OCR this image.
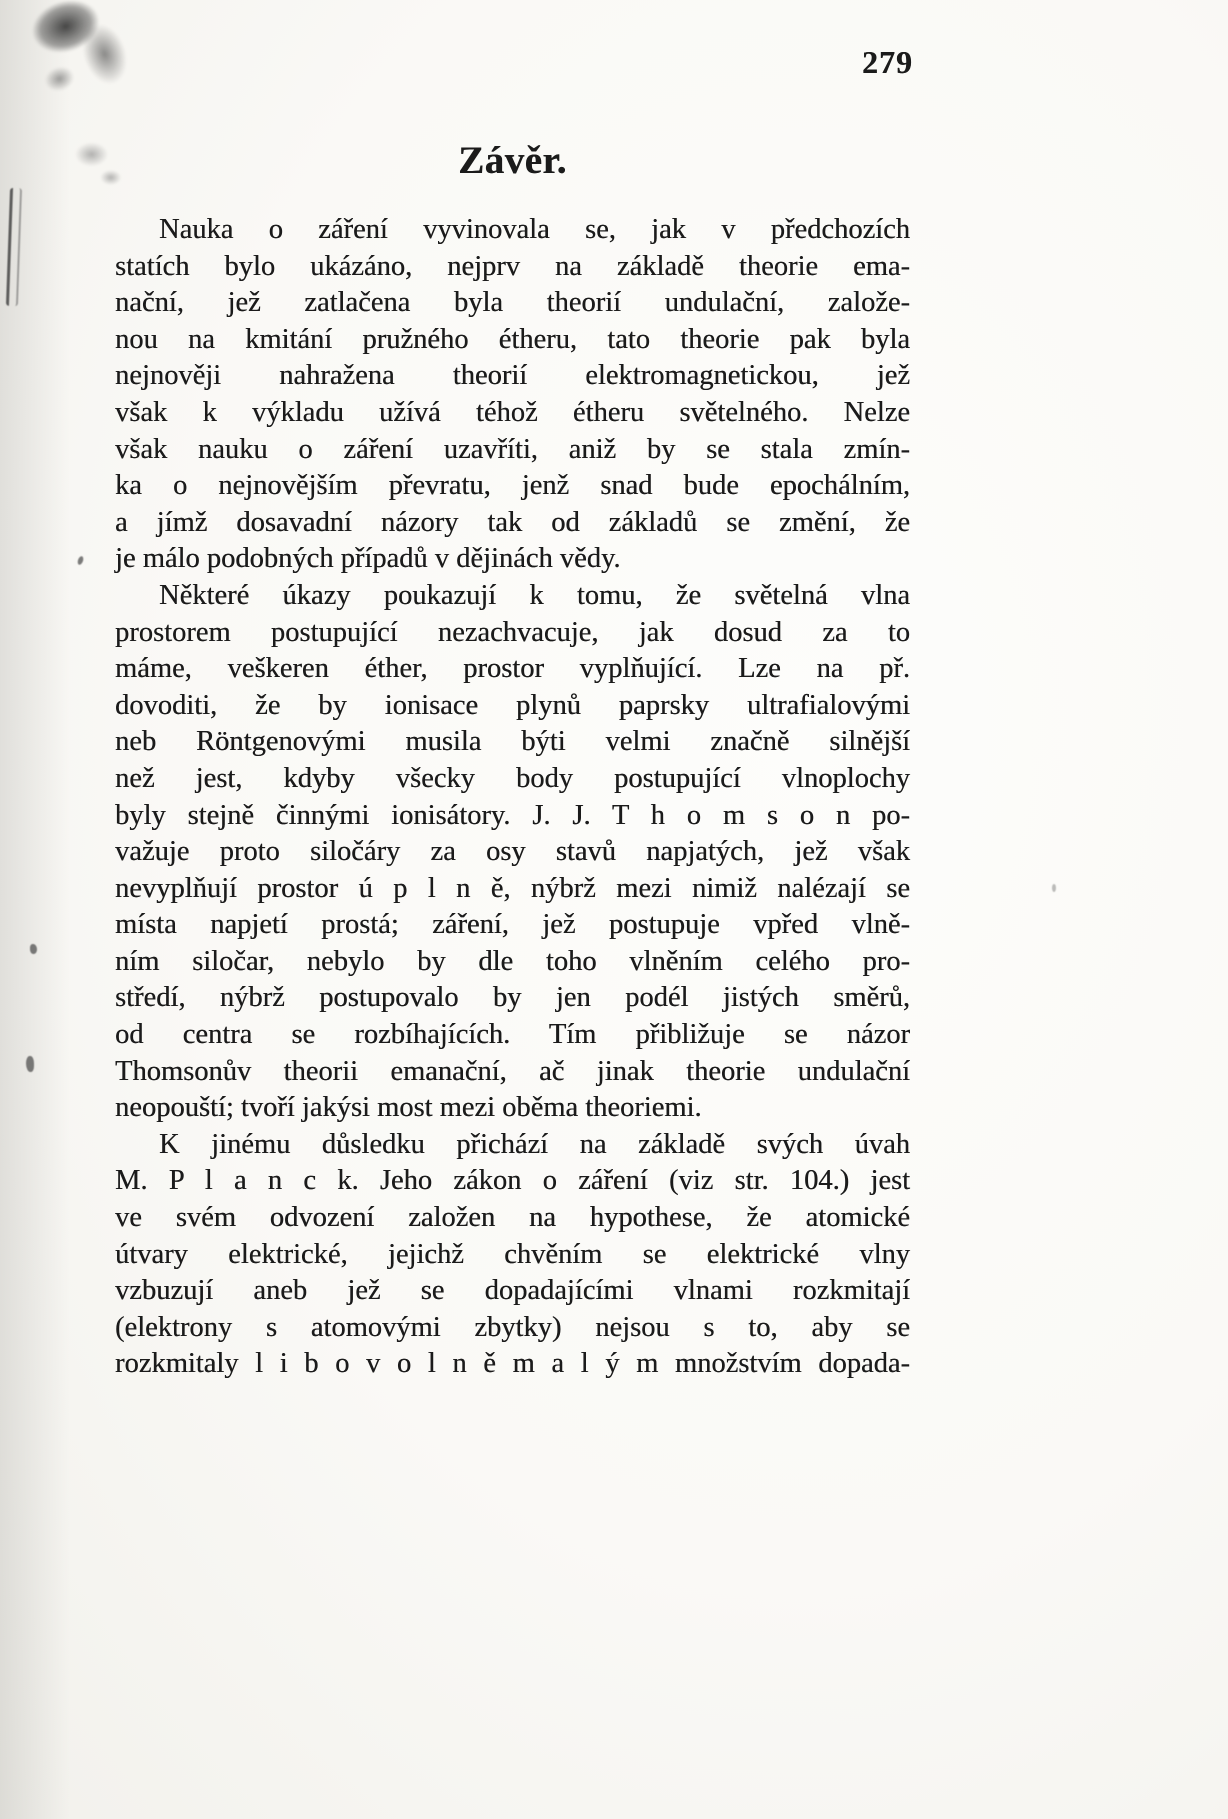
279
Závěr.
Nauka o záření vyvinovala se, jak v předchozích
statích bylo ukázáno, nejprv na základě theorie ema-
nační, jež zatlačena byla theorií undulační, založe-
nou na kmitání pružného étheru, tato theorie pak byla
nejnověji nahražena theorií elektromagnetickou, jež
však k výkladu užívá téhož étheru světelného. Nelze
však nauku o záření uzavříti, aniž by se stala zmín-
ka o nejnovějším převratu, jenž snad bude epochálním,
a jímž dosavadní názory tak od základů se změní, že
je málo podobných případů v dějinách vědy.
Některé úkazy poukazují k tomu, že světelná vlna
prostorem postupující nezachvacuje, jak dosud za to
máme, veškeren éther, prostor vyplňující. Lze na př.
dovoditi, že by ionisace plynů paprsky ultrafialovými
neb Röntgenovými musila býti velmi značně silnější
než jest, kdyby všecky body postupující vlnoplochy
byly stejně činnými ionisátory. J. J. T h o m s o n po-
važuje proto siločáry za osy stavů napjatých, jež však
nevyplňují prostor ú p l n ě, nýbrž mezi nimiž nalézají se
místa napjetí prostá; záření, jež postupuje vpřed vlně-
ním siločar, nebylo by dle toho vlněním celého pro-
středí, nýbrž postupovalo by jen podél jistých směrů,
od centra se rozbíhajících. Tím přibližuje se názor
Thomsonův theorii emanační, ač jinak theorie undulační
neopouští; tvoří jakýsi most mezi oběma theoriemi.
K jinému důsledku přichází na základě svých úvah
M. P l a n c k. Jeho zákon o záření (viz str. 104.) jest
ve svém odvození založen na hypothese, že atomické
útvary elektrické, jejichž chvěním se elektrické vlny
vzbuzují aneb jež se dopadajícími vlnami rozkmitají
(elektrony s atomovými zbytky) nejsou s to, aby se
rozkmitaly l i b o v o l n ě m a l ý m množstvím dopada-
